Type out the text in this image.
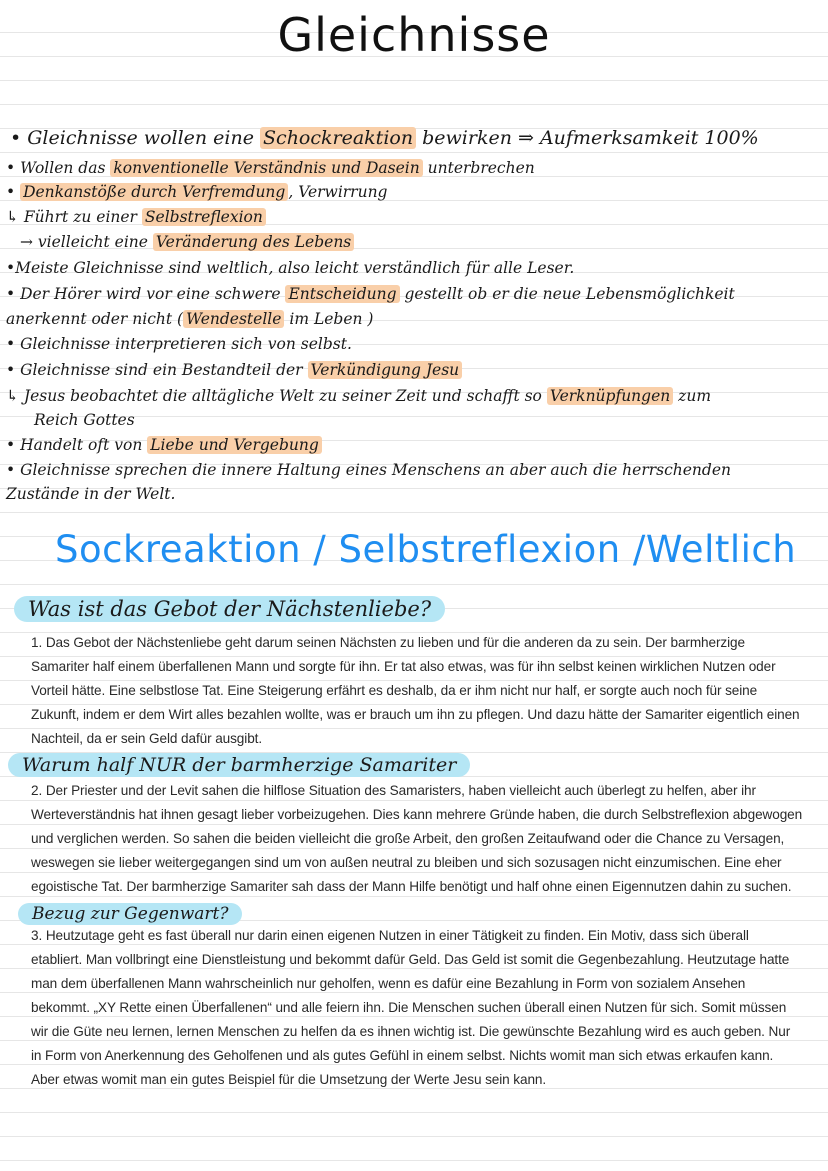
Gleichnisse
• Gleichnisse wollen eine Schockreaktion bewirken ⇒ Aufmerksamkeit 100%
• Wollen das konventionelle Verständnis und Dasein unterbrechen
• Denkanstöße durch Verfremdung , Verwirrung
↳ Führt zu einer Selbstreflexion
→ vielleicht eine Veränderung des Lebens
•Meiste Gleichnisse sind weltlich, also leicht verständlich für alle Leser.
• Der Hörer wird vor eine schwere Entscheidung gestellt ob er die neue Lebensmöglichkeit
anerkennt oder nicht ( Wendestelle im Leben )
• Gleichnisse interpretieren sich von selbst.
• Gleichnisse sind ein Bestandteil der Verkündigung Jesu
↳ Jesus beobachtet die alltägliche Welt zu seiner Zeit und schafft so Verknüpfungen zum
Reich Gottes
• Handelt oft von Liebe und Vergebung
• Gleichnisse sprechen die innere Haltung eines Menschens an aber auch die herrschenden
Zustände in der Welt.
Sockreaktion / Selbstreflexion /Weltlich
Was ist das Gebot der Nächstenliebe?
1. Das Gebot der Nächstenliebe geht darum seinen Nächsten zu lieben und für die anderen da zu sein. Der barmherzige Samariter half einem überfallenen Mann und sorgte für ihn. Er tat also etwas, was für ihn selbst keinen wirklichen Nutzen oder Vorteil hätte. Eine selbstlose Tat. Eine Steigerung erfährt es deshalb, da er ihm nicht nur half, er sorgte auch noch für seine Zukunft, indem er dem Wirt alles bezahlen wollte, was er brauch um ihn zu pflegen. Und dazu hätte der Samariter eigentlich einen Nachteil, da er sein Geld dafür ausgibt.
Warum half NUR der barmherzige Samariter
2. Der Priester und der Levit sahen die hilflose Situation des Samaristers, haben vielleicht auch überlegt zu helfen, aber ihr Werteverständnis hat ihnen gesagt lieber vorbeizugehen. Dies kann mehrere Gründe haben, die durch Selbstreflexion abgewogen und verglichen werden. So sahen die beiden vielleicht die große Arbeit, den großen Zeitaufwand oder die Chance zu Versagen, weswegen sie lieber weitergegangen sind um von außen neutral zu bleiben und sich sozusagen nicht einzumischen. Eine eher egoistische Tat. Der barmherzige Samariter sah dass der Mann Hilfe benötigt und half ohne einen Eigennutzen dahin zu suchen.
Bezug zur Gegenwart?
3. Heutzutage geht es fast überall nur darin einen eigenen Nutzen in einer Tätigkeit zu finden. Ein Motiv, dass sich überall etabliert. Man vollbringt eine Dienstleistung und bekommt dafür Geld. Das Geld ist somit die Gegenbezahlung. Heutzutage hatte man dem überfallenen Mann wahrscheinlich nur geholfen, wenn es dafür eine Bezahlung in Form von sozialem Ansehen bekommt. „XY Rette einen Überfallenen“ und alle feiern ihn. Die Menschen suchen überall einen Nutzen für sich. Somit müssen wir die Güte neu lernen, lernen Menschen zu helfen da es ihnen wichtig ist. Die gewünschte Bezahlung wird es auch geben. Nur in Form von Anerkennung des Geholfenen und als gutes Gefühl in einem selbst. Nichts womit man sich etwas erkaufen kann. Aber etwas womit man ein gutes Beispiel für die Umsetzung der Werte Jesu sein kann.
